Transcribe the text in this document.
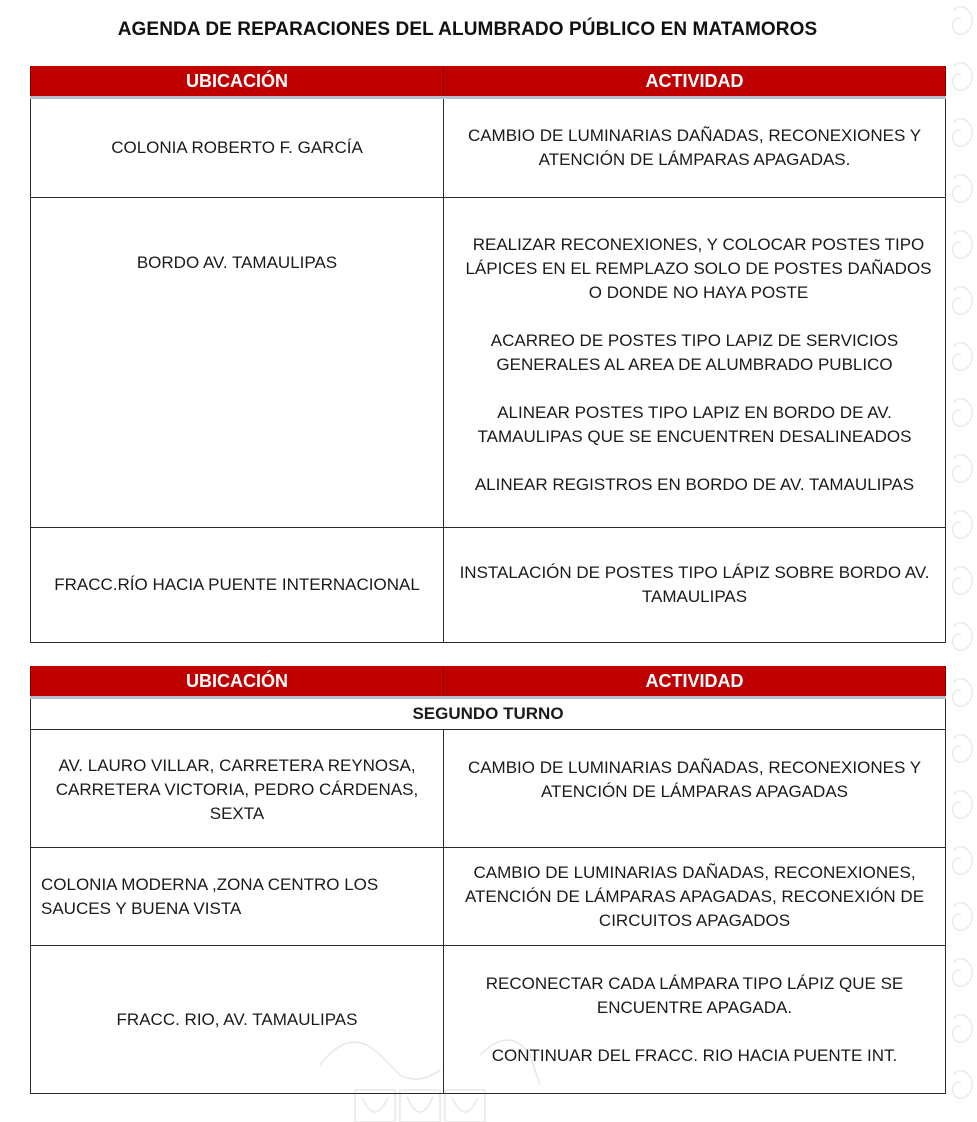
AGENDA DE REPARACIONES DEL ALUMBRADO PÚBLICO EN MATAMOROS
UBICACIÓN	ACTIVIDAD
COLONIA ROBERTO F. GARCÍA	CAMBIO DE LUMINARIAS DAÑADAS, RECONEXIONES Y ATENCIÓN DE LÁMPARAS APAGADAS.

BORDO AV. TAMAULIPAS	REALIZAR RECONEXIONES, Y COLOCAR POSTES TIPO LÁPICES EN EL REMPLAZO SOLO DE POSTES DAÑADOS O DONDE NO HAYA POSTE
ACARREO DE POSTES TIPO LAPIZ DE SERVICIOS GENERALES AL AREA DE ALUMBRADO PUBLICO
ALINEAR POSTES TIPO LAPIZ EN BORDO DE AV. TAMAULIPAS QUE SE ENCUENTREN DESALINEADOS
ALINEAR REGISTROS EN BORDO DE AV. TAMAULIPAS

FRACC.RÍO HACIA PUENTE INTERNACIONAL	INSTALACIÓN DE POSTES TIPO LÁPIZ SOBRE BORDO AV. TAMAULIPAS
UBICACIÓN	ACTIVIDAD
SEGUNDO TURNO	
AV. LAURO VILLAR, CARRETERA REYNOSA, CARRETERA VICTORIA, PEDRO CÁRDENAS, SEXTA	CAMBIO DE LUMINARIAS DAÑADAS, RECONEXIONES Y ATENCIÓN DE LÁMPARAS APAGADAS

COLONIA MODERNA ,ZONA CENTRO LOS SAUCES Y BUENA VISTA	CAMBIO DE LUMINARIAS DAÑADAS, RECONEXIONES, ATENCIÓN DE LÁMPARAS APAGADAS, RECONEXIÓN DE CIRCUITOS APAGADOS

FRACC. RIO, AV. TAMAULIPAS	RECONECTAR CADA LÁMPARA TIPO LÁPIZ QUE SE ENCUENTRE APAGADA.
CONTINUAR DEL FRACC. RIO HACIA PUENTE INT.
